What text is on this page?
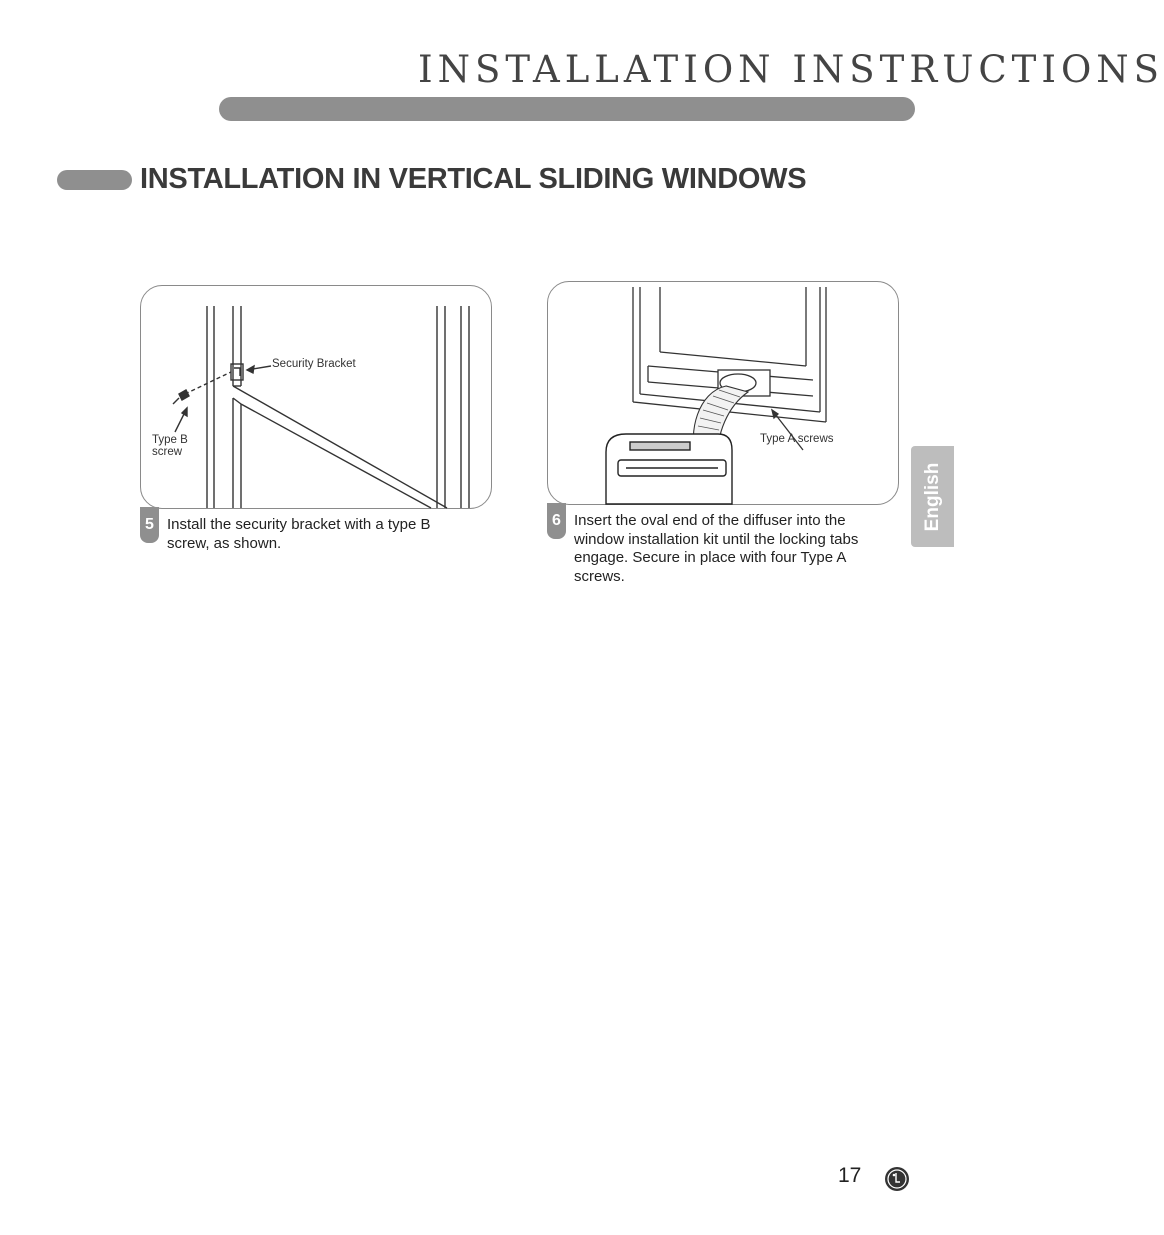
INSTALLATION INSTRUCTIONS
INSTALLATION IN VERTICAL SLIDING WINDOWS
Security Bracket
Type B
screw
5 Install the security bracket with a type B screw, as shown.
Type A screws
6 Insert the oval end of the diffuser into the window installation kit until the locking tabs engage. Secure in place with four Type A screws.
English
17
